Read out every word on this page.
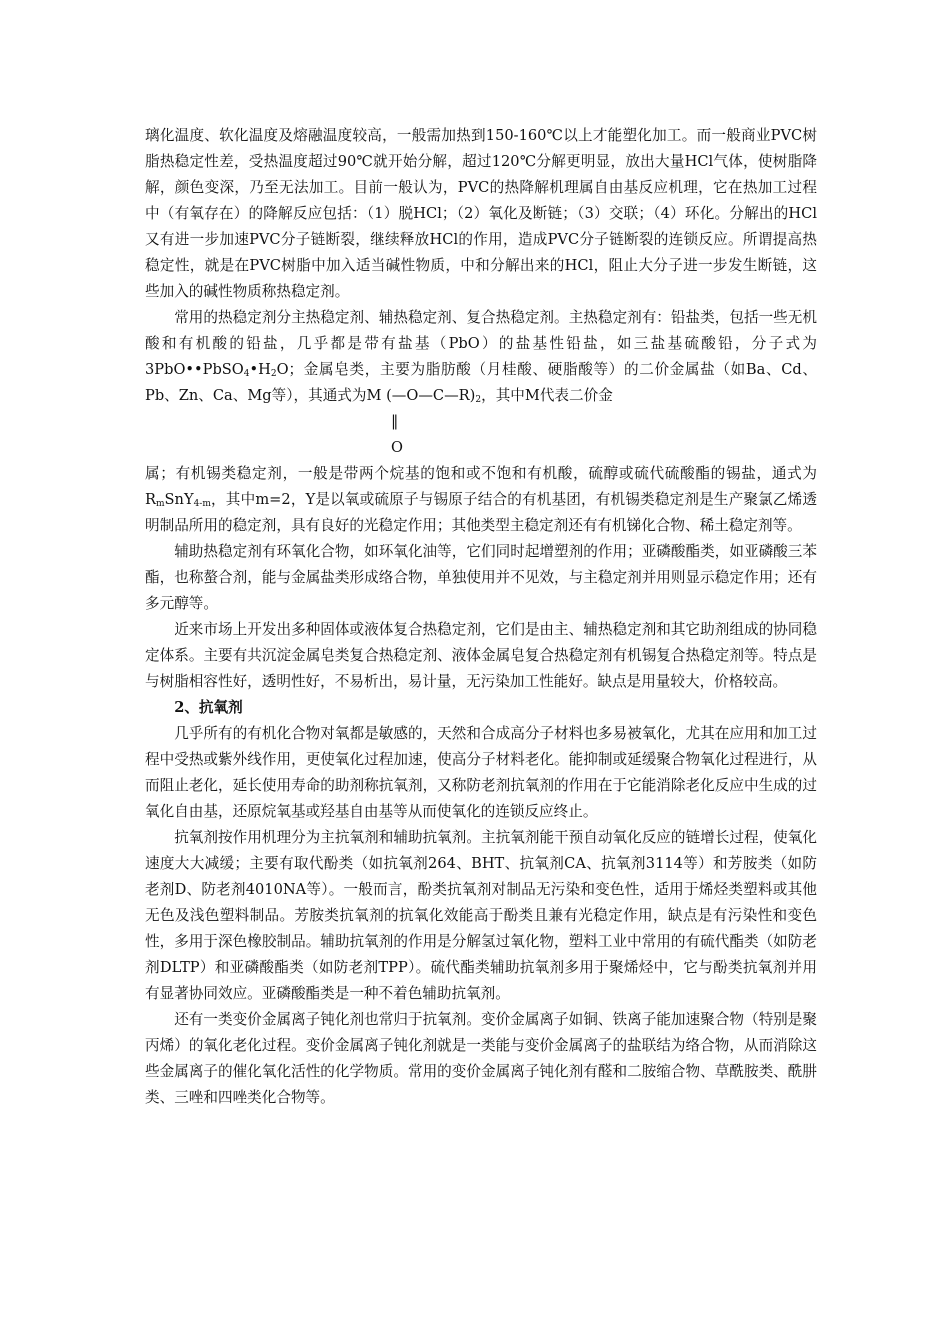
璃化温度、软化温度及熔融温度较高，一般需加热到150-160℃以上才能塑化加工。而一般商业PVC树脂热稳定性差，受热温度超过90℃就开始分解，超过120℃分解更明显，放出大量HCl气体，使树脂降解，颜色变深，乃至无法加工。目前一般认为，PVC的热降解机理属自由基反应机理，它在热加工过程中（有氧存在）的降解反应包括：（1）脱HCl；（2）氧化及断链；（3）交联；（4）环化。分解出的HCl又有进一步加速PVC分子链断裂，继续释放HCl的作用，造成PVC分子链断裂的连锁反应。所谓提高热稳定性，就是在PVC树脂中加入适当碱性物质，中和分解出来的HCl，阻止大分子进一步发生断链，这些加入的碱性物质称热稳定剂。

常用的热稳定剂分主热稳定剂、辅热稳定剂、复合热稳定剂。主热稳定剂有：铅盐类，包括一些无机酸和有机酸的铅盐，几乎都是带有盐基（PbO）的盐基性铅盐，如三盐基硫酸铅，分子式为$3PbO••PbSO_4•H_2O$；金属皂类，主要为脂肪酸（月桂酸、硬脂酸等）的二价金属盐（如Ba、Cd、Pb、Zn、Ca、Mg等），其通式为M $(—O—C—R)_2$，其中M代表二价金

‖
O

属；有机锡类稳定剂，一般是带两个烷基的饱和或不饱和有机酸，硫醇或硫代硫酸酯的锡盐，通式为$R_mSnY_{4-m}$，其中m=2，Y是以氧或硫原子与锡原子结合的有机基团，有机锡类稳定剂是生产聚氯乙烯透明制品所用的稳定剂，具有良好的光稳定作用；其他类型主稳定剂还有有机锑化合物、稀土稳定剂等。

辅助热稳定剂有环氧化合物，如环氧化油等，它们同时起增塑剂的作用；亚磷酸酯类，如亚磷酸三苯酯，也称螯合剂，能与金属盐类形成络合物，单独使用并不见效，与主稳定剂并用则显示稳定作用；还有多元醇等。

近来市场上开发出多种固体或液体复合热稳定剂，它们是由主、辅热稳定剂和其它助剂组成的协同稳定体系。主要有共沉淀金属皂类复合热稳定剂、液体金属皂复合热稳定剂有机锡复合热稳定剂等。特点是与树脂相容性好，透明性好，不易析出，易计量，无污染加工性能好。缺点是用量较大，价格较高。

2、抗氧剂

几乎所有的有机化合物对氧都是敏感的，天然和合成高分子材料也多易被氧化，尤其在应用和加工过程中受热或紫外线作用，更使氧化过程加速，使高分子材料老化。能抑制或延缓聚合物氧化过程进行，从而阻止老化，延长使用寿命的助剂称抗氧剂，又称防老剂抗氧剂的作用在于它能消除老化反应中生成的过氧化自由基，还原烷氧基或羟基自由基等从而使氧化的连锁反应终止。

抗氧剂按作用机理分为主抗氧剂和辅助抗氧剂。主抗氧剂能干预自动氧化反应的链增长过程，使氧化速度大大减缓；主要有取代酚类（如抗氧剂264、BHT、抗氧剂CA、抗氧剂3114等）和芳胺类（如防老剂D、防老剂4010NA等）。一般而言，酚类抗氧剂对制品无污染和变色性，适用于烯烃类塑料或其他无色及浅色塑料制品。芳胺类抗氧剂的抗氧化效能高于酚类且兼有光稳定作用，缺点是有污染性和变色性，多用于深色橡胶制品。辅助抗氧剂的作用是分解氢过氧化物，塑料工业中常用的有硫代酯类（如防老剂DLTP）和亚磷酸酯类（如防老剂TPP）。硫代酯类辅助抗氧剂多用于聚烯烃中，它与酚类抗氧剂并用有显著协同效应。亚磷酸酯类是一种不着色辅助抗氧剂。

还有一类变价金属离子钝化剂也常归于抗氧剂。变价金属离子如铜、铁离子能加速聚合物（特别是聚丙烯）的氧化老化过程。变价金属离子钝化剂就是一类能与变价金属离子的盐联结为络合物，从而消除这些金属离子的催化氧化活性的化学物质。常用的变价金属离子钝化剂有醛和二胺缩合物、草酰胺类、酰肼类、三唑和四唑类化合物等。
